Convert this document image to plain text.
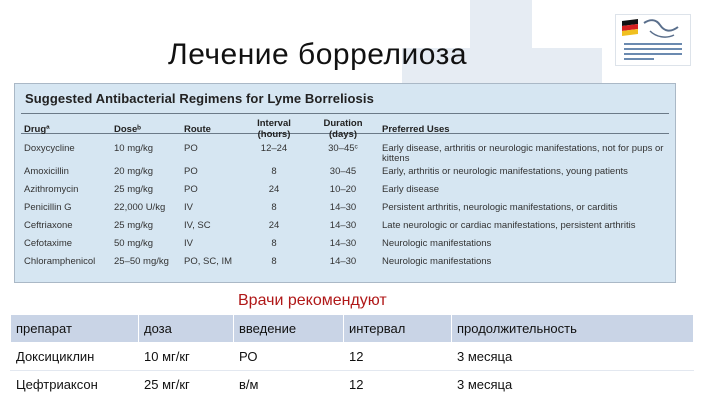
Лечение боррелиоза
Suggested Antibacterial Regimens for Lyme Borreliosis
Drugª	Doseᵇ	Route	Interval (hours)	Duration (days)	Preferred Uses
Doxycycline	10 mg/kg	PO	12–24	30–45ᶜ	Early disease, arthritis or neurologic manifestations, not for pups or kittens
Amoxicillin	20 mg/kg	PO	8	30–45	Early, arthritis or neurologic manifestations, young patients
Azithromycin	25 mg/kg	PO	24	10–20	Early disease
Penicillin G	22,000 U/kg	IV	8	14–30	Persistent arthritis, neurologic manifestations, or carditis
Ceftriaxone	25 mg/kg	IV, SC	24	14–30	Late neurologic or cardiac manifestations, persistent arthritis
Cefotaxime	50 mg/kg	IV	8	14–30	Neurologic manifestations
Chloramphenicol	25–50 mg/kg	PO, SC, IM	8	14–30	Neurologic manifestations
Врачи рекомендуют
препарат	доза	введение	интервал	продолжительность
Доксициклин	10 мг/кг	РО	12	3 месяца
Цефтриаксон	25 мг/кг	в/м	12	3 месяца
